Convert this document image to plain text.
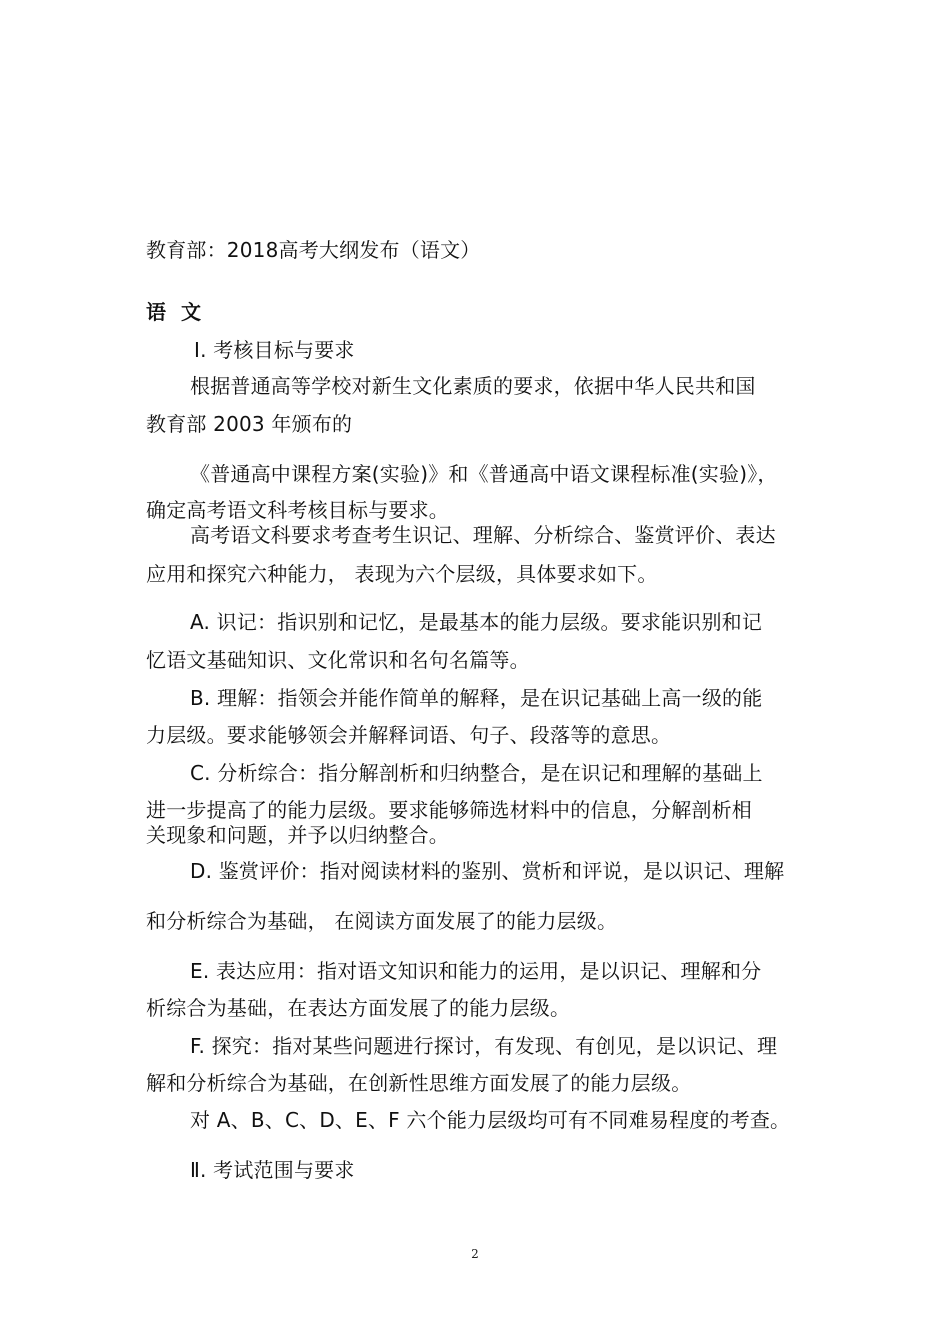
教育部：2018高考大纲发布（语文）
语 文
Ⅰ. 考核目标与要求
根据普通高等学校对新生文化素质的要求，依据中华人民共和国
教育部 2003 年颁布的
《普通高中课程方案(实验)》和《普通高中语文课程标准(实验)》，
确定高考语文科考核目标与要求。
高考语文科要求考查考生识记、理解、分析综合、鉴赏评价、表达
应用和探究六种能力， 表现为六个层级，具体要求如下。
A. 识记：指识别和记忆，是最基本的能力层级。要求能识别和记
忆语文基础知识、文化常识和名句名篇等。
B. 理解：指领会并能作简单的解释，是在识记基础上高一级的能
力层级。要求能够领会并解释词语、句子、段落等的意思。
C. 分析综合：指分解剖析和归纳整合，是在识记和理解的基础上
进一步提高了的能力层级。要求能够筛选材料中的信息，分解剖析相
关现象和问题，并予以归纳整合。
D. 鉴赏评价：指对阅读材料的鉴别、赏析和评说，是以识记、理解
和分析综合为基础， 在阅读方面发展了的能力层级。
E. 表达应用：指对语文知识和能力的运用，是以识记、理解和分
析综合为基础，在表达方面发展了的能力层级。
F. 探究：指对某些问题进行探讨，有发现、有创见，是以识记、理
解和分析综合为基础，在创新性思维方面发展了的能力层级。
对 A、B、C、D、E、F 六个能力层级均可有不同难易程度的考查。
Ⅱ. 考试范围与要求
2
